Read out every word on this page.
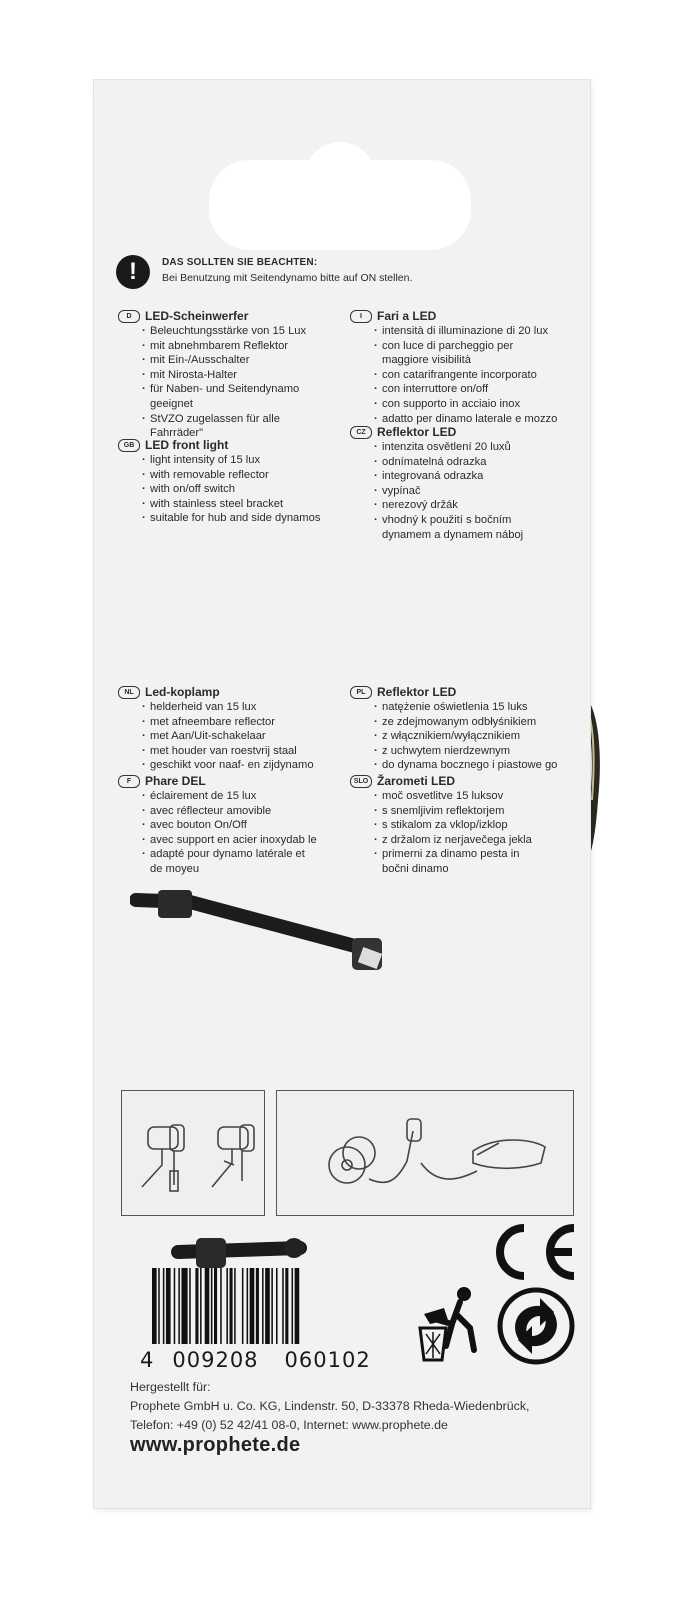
!	DAS SOLLTEN SIE BEACHTEN:
Bei Benutzung mit Seitendynamo bitte auf ON stellen.
D	LED-Scheinwerfer
· Beleuchtungsstärke von 15 Lux
· mit abnehmbarem Reflektor
· mit Ein-/Ausschalter
· mit Nirosta-Halter
· für Naben- und Seitendynamo
geeignet
· StVZO zugelassen für alle
Fahrräder"
GB LED front light
· light intensity of 15 lux
· with removable reflector
· with on/off switch
· with stainless steel bracket
· suitable for hub and side dynamos
I	Fari a LED
· intensità di illuminazione di 20 lux
· con luce di parcheggio per
maggiore visibilità
· con catarifrangente incorporato
· con interruttore on/off
· con supporto in acciaio inox
· adatto per dinamo laterale e mozzo
CZ Reflektor LED
· intenzita osvětlení 20 luxů
· odnímatelná odrazka
· integrovaná odrazka
· vypínač
· nerezový držák
· vhodný k použití s bočním
dynamem a dynamem náboj
NL Led-koplamp
· helderheid van 15 lux
· met afneembare reflector
· met Aan/Uit-schakelaar
· met houder van roestvrij staal
· geschikt voor naaf- en zijdynamo
F	Phare DEL
· éclairement de 15 lux
· avec réflecteur amovible
· avec bouton On/Off
· avec support en acier inoxydab le
· adapté pour dynamo latérale et
de moyeu
PL Reflektor LED
· natężenie oświetlenia 15 luks
· ze zdejmowanym odbłyśnikiem
· z włącznikiem/wyłącznikiem
· z uchwytem nierdzewnym
· do dynama bocznego i piastowe go
SLO Žarometi LED
· moč osvetlitve 15 luksov
· s snemljivim reflektorjem
· s stikalom za vklop/izklop
· z držalom iz nerjavečega jekla
· primerni za dinamo pesta in
bočni dinamo
4 009208 060102
Hergestellt für:
Prophete GmbH u. Co. KG, Lindenstr. 50, D-33378 Rheda-Wiedenbrück,
Telefon: +49 (0) 52 42/41 08-0, Internet: www.prophete.de
www.prophete.de
